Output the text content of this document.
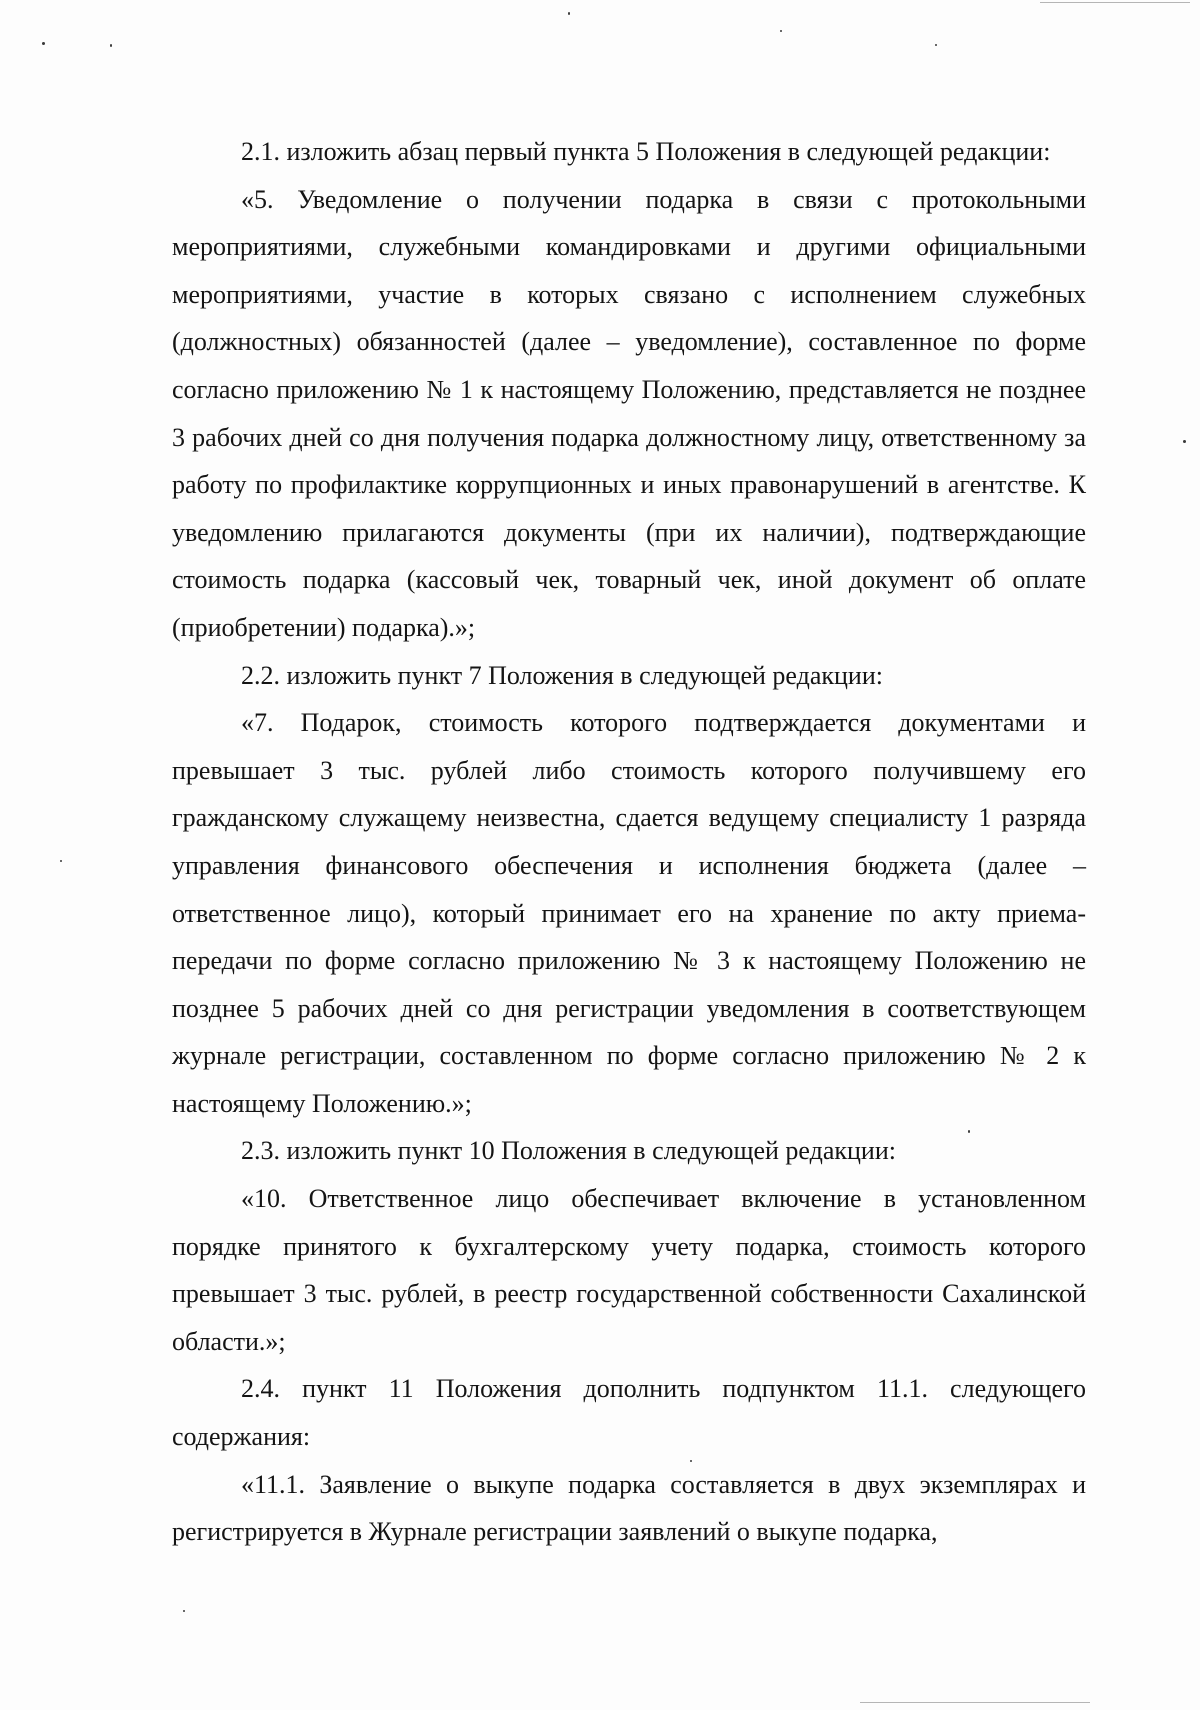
2.1. изложить абзац первый пункта 5 Положения в следующей редакции:

«5. Уведомление о получении подарка в связи с протокольными мероприятиями, служебными командировками и другими официальными мероприятиями, участие в которых связано с исполнением служебных (должностных) обязанностей (далее – уведомление), составленное по форме согласно приложению № 1 к настоящему Положению, представляется не позднее 3 рабочих дней со дня получения подарка должностному лицу, ответственному за работу по профилактике коррупционных и иных правонарушений в агентстве. К уведомлению прилагаются документы (при их наличии), подтверждающие стоимость подарка (кассовый чек, товарный чек, иной документ об оплате (приобретении) подарка).»;

2.2. изложить пункт 7 Положения в следующей редакции:

«7. Подарок, стоимость которого подтверждается документами и превышает 3 тыс. рублей либо стоимость которого получившему его гражданскому служащему неизвестна, сдается ведущему специалисту 1 разряда управления финансового обеспечения и исполнения бюджета (далее – ответственное лицо), который принимает его на хранение по акту приема-передачи по форме согласно приложению № 3 к настоящему Положению не позднее 5 рабочих дней со дня регистрации уведомления в соответствующем журнале регистрации, составленном по форме согласно приложению № 2 к настоящему Положению.»;

2.3. изложить пункт 10 Положения в следующей редакции:

«10. Ответственное лицо обеспечивает включение в установленном порядке принятого к бухгалтерскому учету подарка, стоимость которого превышает 3 тыс. рублей, в реестр государственной собственности Сахалинской области.»;

2.4. пункт 11 Положения дополнить подпунктом 11.1. следующего содержания:

«11.1. Заявление о выкупе подарка составляется в двух экземплярах и регистрируется в Журнале регистрации заявлений о выкупе подарка,
